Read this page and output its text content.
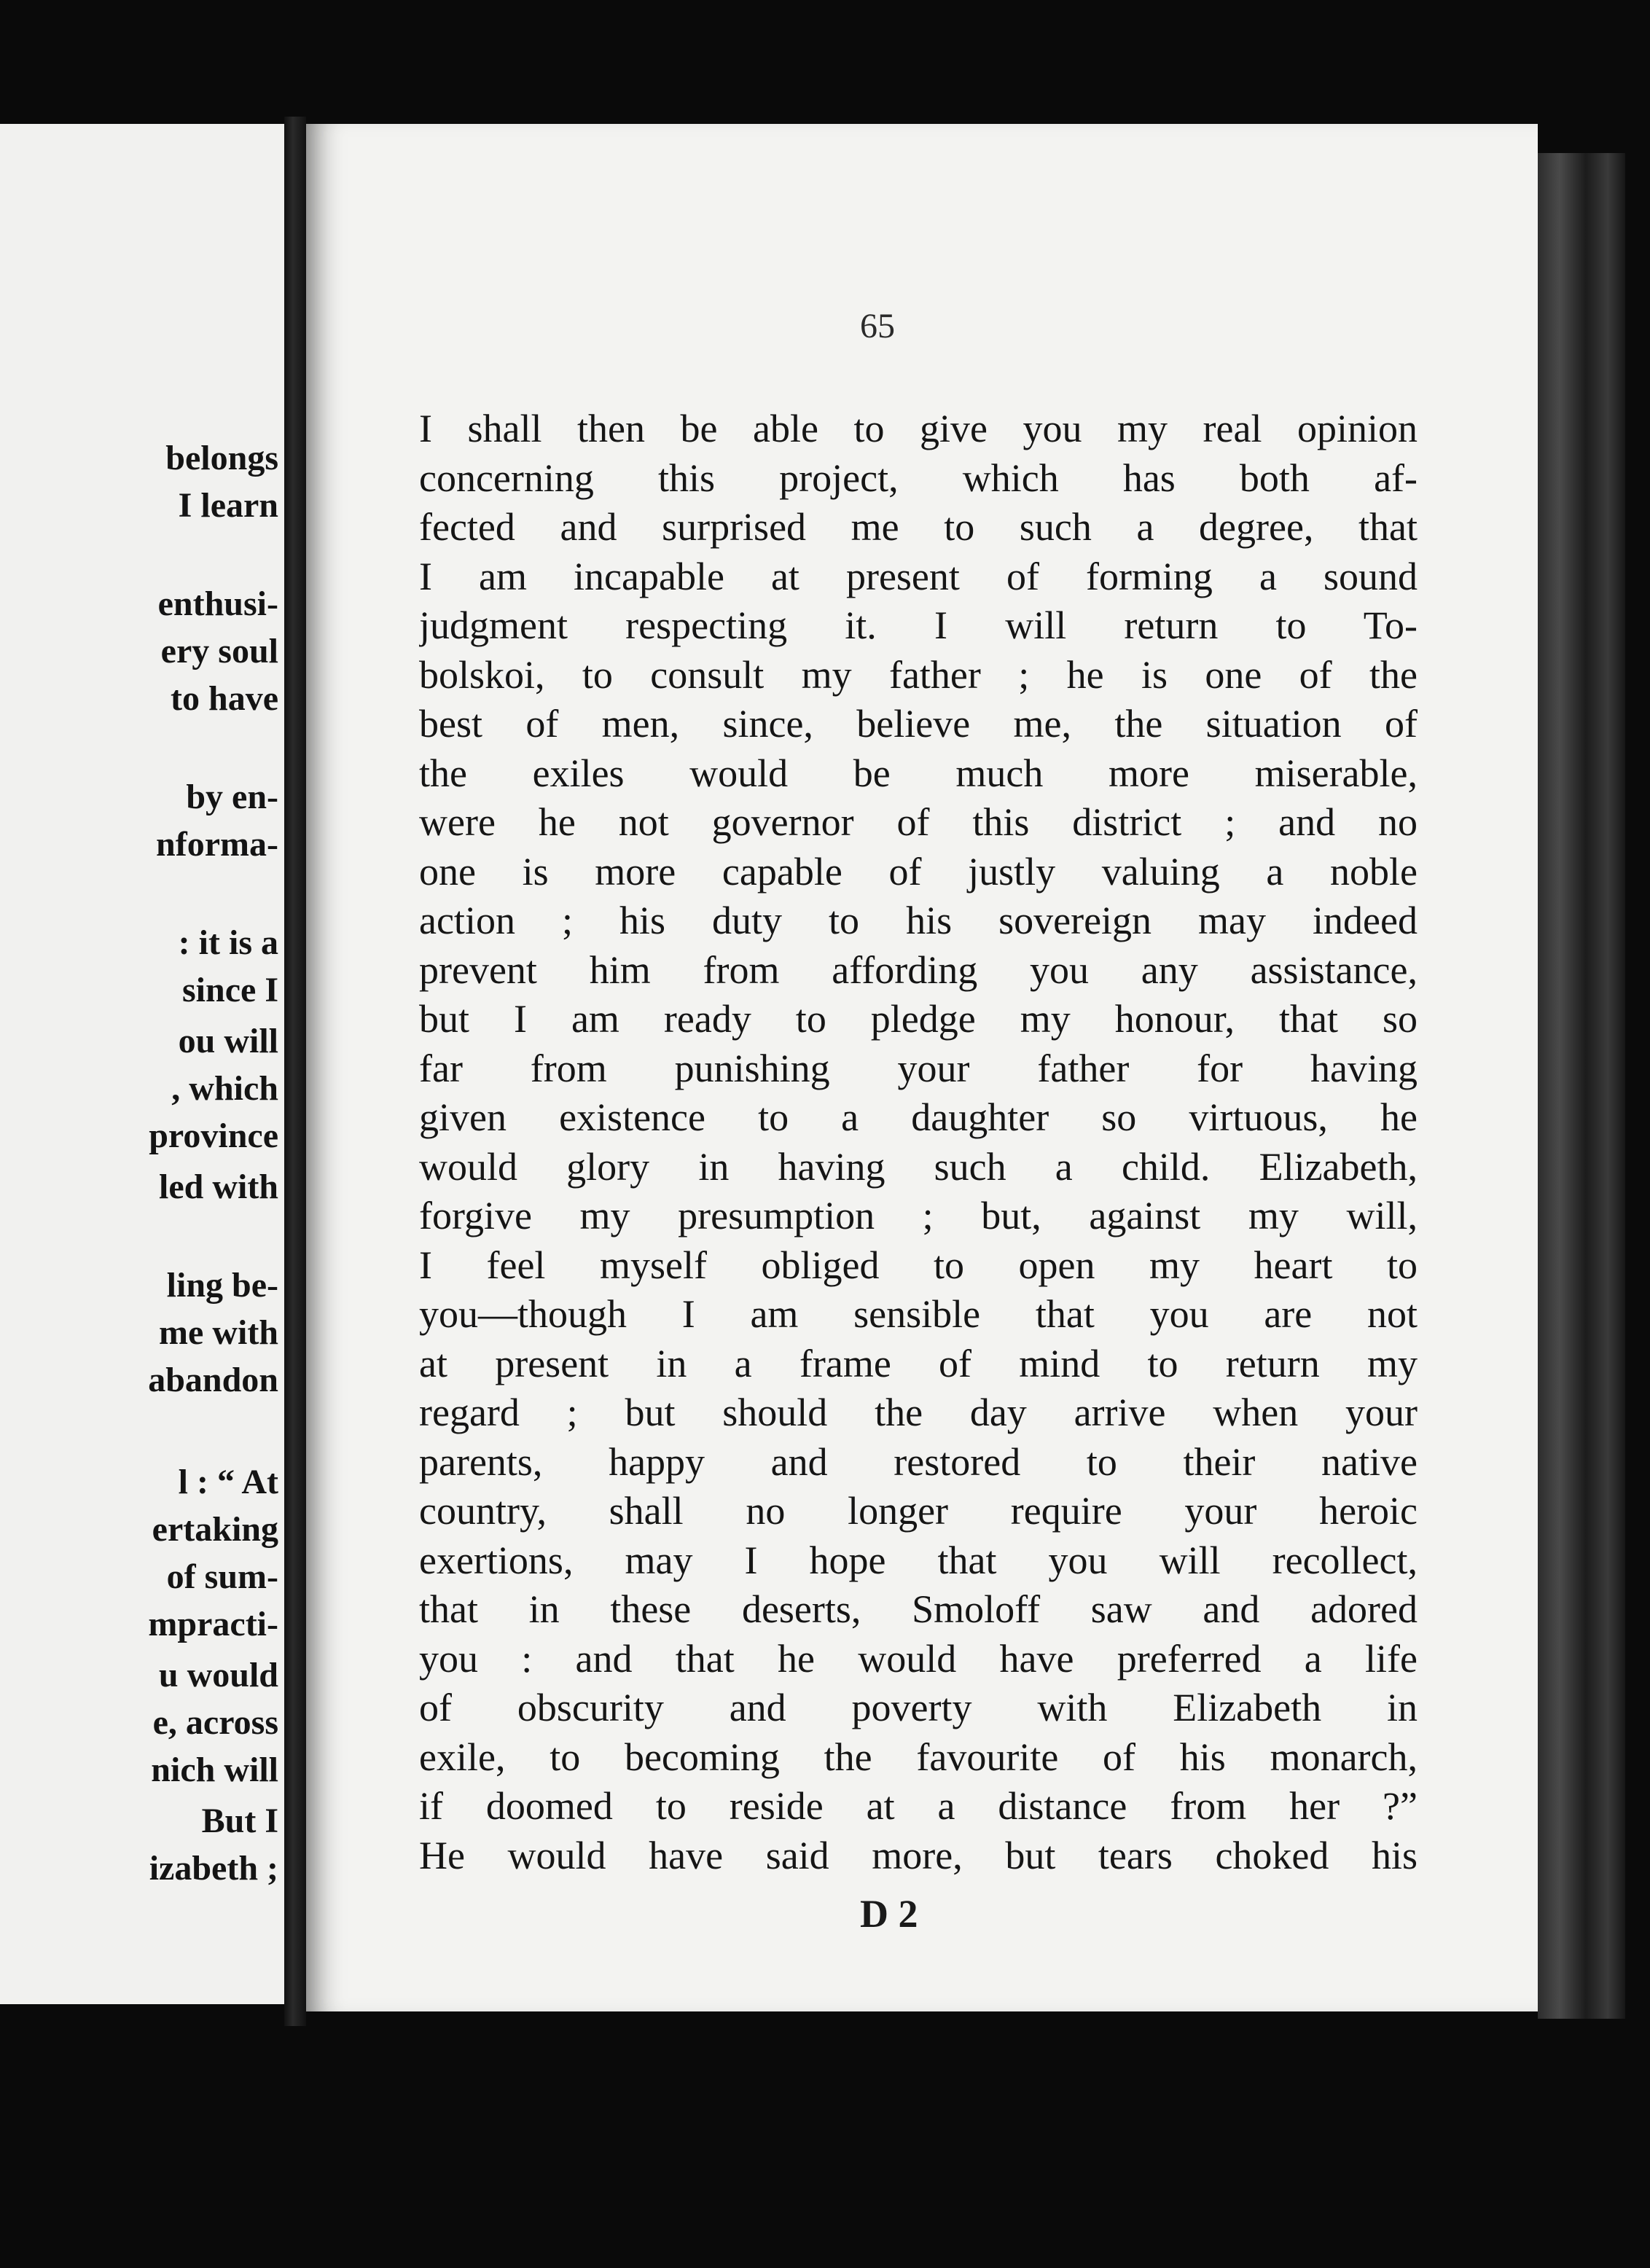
belongs
I learn
enthusi-
ery soul
to have
by en-
nforma-
: it is a
since I
ou will
, which
province
led with
ling be-
me with
abandon
l : “ At
ertaking
of sum-
mpracti-
u would
e, across
nich will
But I
izabeth ;
65
I shall then be able to give you my real opinion
concerning this project, which has both af-
fected and surprised me to such a degree, that
I am incapable at present of forming a sound
judgment respecting it. I will return to To-
bolskoi, to consult my father ; he is one of the
best of men, since, believe me, the situation of
the exiles would be much more miserable,
were he not governor of this district ; and no
one is more capable of justly valuing a noble
action ; his duty to his sovereign may indeed
prevent him from affording you any assistance,
but I am ready to pledge my honour, that so
far from punishing your father for having
given existence to a daughter so virtuous, he
would glory in having such a child. Elizabeth,
forgive my presumption ; but, against my will,
I feel myself obliged to open my heart to
you—though I am sensible that you are not
at present in a frame of mind to return my
regard ; but should the day arrive when your
parents, happy and restored to their native
country, shall no longer require your heroic
exertions, may I hope that you will recollect,
that in these deserts, Smoloff saw and adored
you : and that he would have preferred a life
of obscurity and poverty with Elizabeth in
exile, to becoming the favourite of his monarch,
if doomed to reside at a distance from her ?”
He would have said more, but tears choked his
D 2
